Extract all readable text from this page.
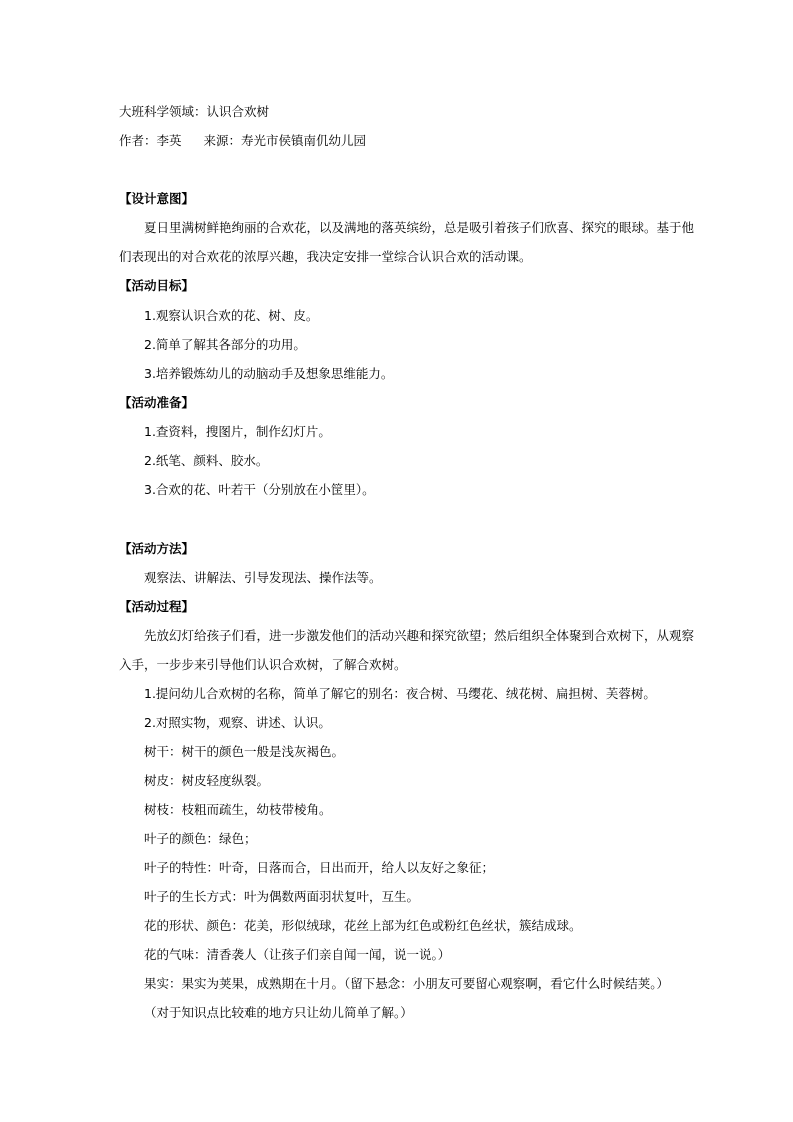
大班科学领域：认识合欢树
作者：李英 来源：寿光市侯镇南仉幼儿园
【设计意图】
夏日里满树鲜艳绚丽的合欢花，以及满地的落英缤纷，总是吸引着孩子们欣喜、探究的眼球。基于他
们表现出的对合欢花的浓厚兴趣，我决定安排一堂综合认识合欢的活动课。
【活动目标】
1.观察认识合欢的花、树、皮。
2.简单了解其各部分的功用。
3.培养锻炼幼儿的动脑动手及想象思维能力。
【活动准备】
1.查资料，搜图片，制作幻灯片。
2.纸笔、颜料、胶水。
3.合欢的花、叶若干（分别放在小筐里）。
【活动方法】
观察法、讲解法、引导发现法、操作法等。
【活动过程】
先放幻灯给孩子们看，进一步激发他们的活动兴趣和探究欲望；然后组织全体聚到合欢树下，从观察
入手，一步步来引导他们认识合欢树，了解合欢树。
1.提问幼儿合欢树的名称，简单了解它的别名：夜合树、马缨花、绒花树、扁担树、芙蓉树。
2.对照实物，观察、讲述、认识。
树干：树干的颜色一般是浅灰褐色。
树皮：树皮轻度纵裂。
树枝：枝粗而疏生，幼枝带棱角。
叶子的颜色：绿色；
叶子的特性：叶奇，日落而合，日出而开，给人以友好之象征；
叶子的生长方式：叶为偶数两面羽状复叶，互生。
花的形状、颜色：花美，形似绒球，花丝上部为红色或粉红色丝状，簇结成球。
花的气味：清香袭人（让孩子们亲自闻一闻，说一说。）
果实：果实为荚果，成熟期在十月。（留下悬念：小朋友可要留心观察啊，看它什么时候结荚。）
（对于知识点比较难的地方只让幼儿简单了解。）
